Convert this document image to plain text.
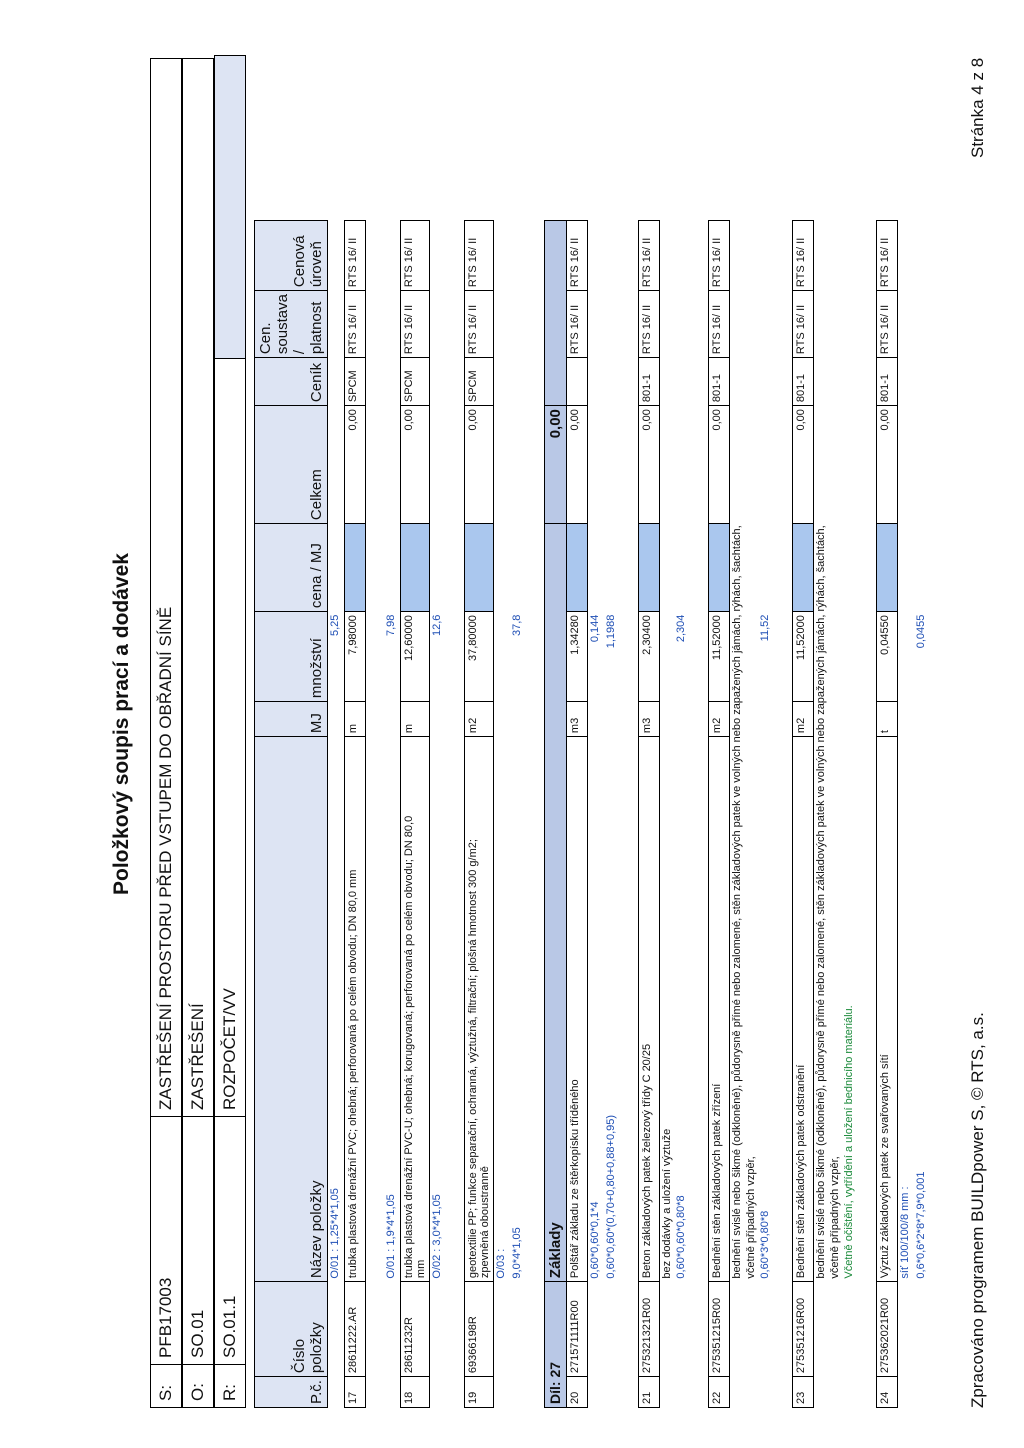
Položkový soupis prací a dodávek
S:	PFB17003	ZASTŘEŠENÍ PROSTORU PŘED VSTUPEM DO OBŘADNÍ SÍNĚ
O:	SO.01	ZASTŘEŠENÍ
R:	SO.01.1	ROZPOČET/VV	
P.č.	Číslo položky	Název položky	MJ	množství	cena / MJ	Celkem	Ceník	Cen. soustava / platnost	Cenová úroveň
		O/01 : 1,25*4*1,05		5,25					
17	28611222.AR	trubka plastová drenážní PVC; ohebná; perforovaná po celém obvodu; DN 80,0 mm	m	7,98000		0,00	SPCM	RTS 16/ II	RTS 16/ II

		O/01 : 1,9*4*1,05		7,98					
18	28611232R	trubka plastová drenážní PVC-U; ohebná; korugovaná; perforovaná po celém obvodu; DN 80,0
mm	m	12,60000		0,00	SPCM	RTS 16/ II	RTS 16/ II
		O/02 : 3,0*4*1,05		12,6					

19	69366198R	geotextilie PP; funkce separační, ochranná, výztužná, filtrační; plošná hmotnost 300 g/m2;
zpevněná oboustranně	m2	37,80000		0,00	SPCM	RTS 16/ II	RTS 16/ II
		O/03 :							
		9,0*4*1,05		37,8					

Díl: 27		Základy				0,00			
20	271571111R00	Polštář základu ze štěrkopísku tříděného	m3	1,34280		0,00		RTS 16/ II	RTS 16/ II
		0,60*0,60*0,1*4		0,144					
		0,60*0,60*(0,70+0,80+0,88+0,95)		1,1988					

21	275321321R00	Beton základových patek železový třídy C 20/25	m3	2,30400		0,00	801-1	RTS 16/ II	RTS 16/ II
		bez dodávky a uložení výztuže							
		0,60*0,60*0,80*8		2,304					

22	275351215R00	Bednění stěn základových patek zřízení	m2	11,52000		0,00	801-1	RTS 16/ II	RTS 16/ II
		bednění svislé nebo šikmé (odkloněné), půdorysně přímé nebo zalomené, stěn základových patek ve volných nebo zapažených jámách, rýhách, šachtách,							
		včetně případných vzpěr,							
		0,60*3*0,80*8		11,52					

23	275351216R00	Bednění stěn základových patek odstranění	m2	11,52000		0,00	801-1	RTS 16/ II	RTS 16/ II
		bednění svislé nebo šikmé (odkloněné), půdorysně přímé nebo zalomené, stěn základových patek ve volných nebo zapažených jámách, rýhách, šachtách,							
		včetně případných vzpěr,							
		Včetně očištění, vytřídění a uložení bednicího materiálu.							

24	275362021R00	Výztuž základových patek ze svařovaných sítí	t	0,04550		0,00	801-1	RTS 16/ II	RTS 16/ II
		síť 100/100/8 mm :							
		0,6*0,6*2*8*7,9*0,001		0,0455					
Zpracováno programem BUILDpower S, © RTS, a.s.
Stránka 4 z 8
